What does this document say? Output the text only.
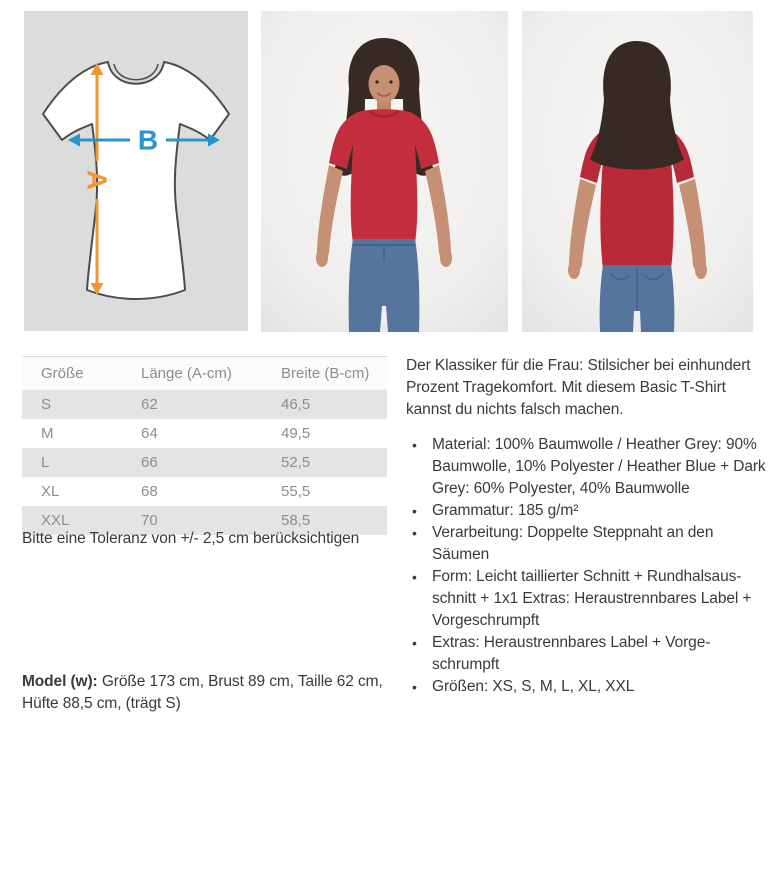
A
B
Größe	Länge (A-cm)	Breite (B-cm)
S	62	46,5
M	64	49,5
L	66	52,5
XL	68	55,5
XXL	70	58,5
Bitte eine Toleranz von +/- 2,5 cm berücksichtigen
Model (w): Größe 173 cm, Brust 89 cm, Taille 62 cm, Hüfte 88,5 cm, (trägt S)

Der Klassiker für die Frau: Stilsicher bei einhundert Prozent Tragekomfort. Mit diesem Basic T-Shirt kannst du nichts falsch machen.

• Material: 100% Baumwolle / Heather Grey: 90% Baumwolle, 10% Polyester / Heather Blue + Dark Grey: 60% Polyester, 40% Baumwolle
• Grammatur: 185 g/m²
• Verarbeitung: Doppelte Steppnaht an den Säumen
• Form: Leicht taillierter Schnitt + Rundhalsausschnitt + 1x1 Extras: Heraustrennbares Label + Vorgeschrumpft
• Extras: Heraustrennbares Label + Vorgeschrumpft
• Größen: XS, S, M, L, XL, XXL
